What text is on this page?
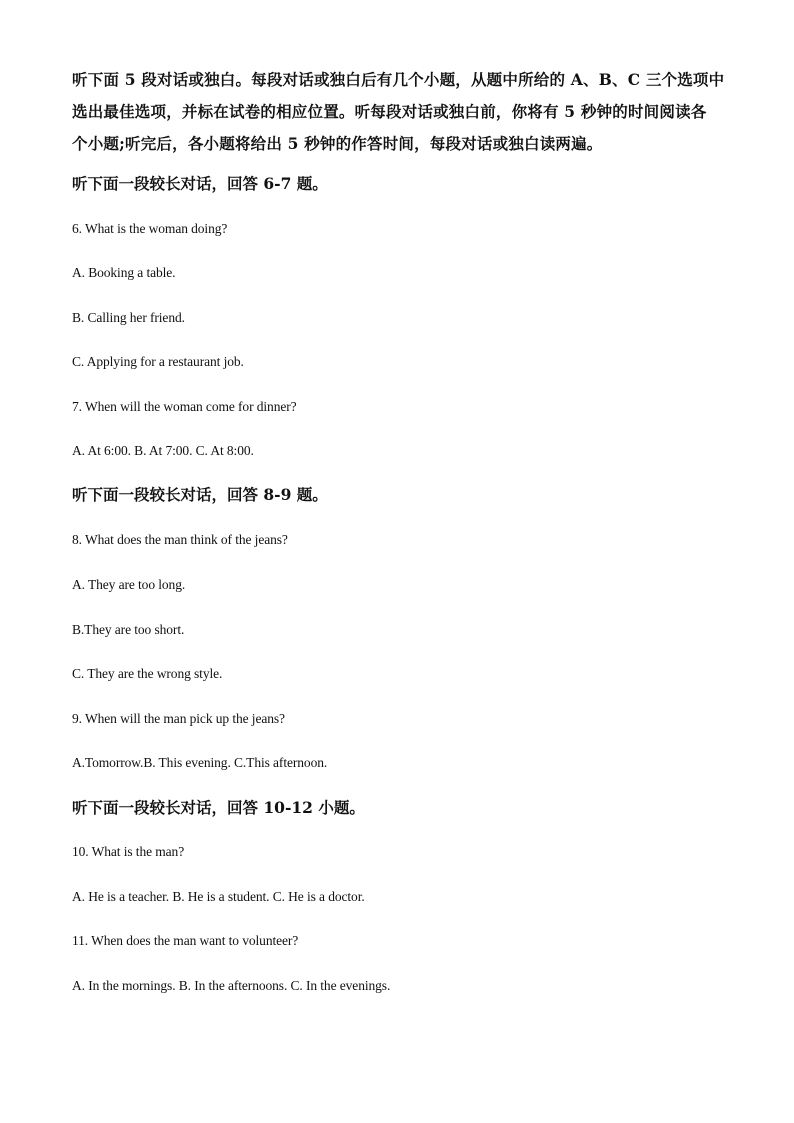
听下面 5 段对话或独白。每段对话或独白后有几个小题，从题中所给的 A、B、C 三个选项中
选出最佳选项，并标在试卷的相应位置。听每段对话或独白前，你将有 5 秒钟的时间阅读各
个小题;听完后，各小题将给出 5 秒钟的作答时间，每段对话或独白读两遍。
听下面一段较长对话，回答 6-7 题。
6. What is the woman doing?
A. Booking a table.
B. Calling her friend.
C. Applying for a restaurant job.
7. When will the woman come for dinner?
A. At 6:00. B. At 7:00. C. At 8:00.
听下面一段较长对话，回答 8-9 题。
8. What does the man think of the jeans?
A. They are too long.
B.They are too short.
C. They are the wrong style.
9. When will the man pick up the jeans?
A.Tomorrow.B. This evening. C.This afternoon.
听下面一段较长对话，回答 10-12 小题。
10. What is the man?
A. He is a teacher. B. He is a student. C. He is a doctor.
11. When does the man want to volunteer?
A. In the mornings. B. In the afternoons. C. In the evenings.
